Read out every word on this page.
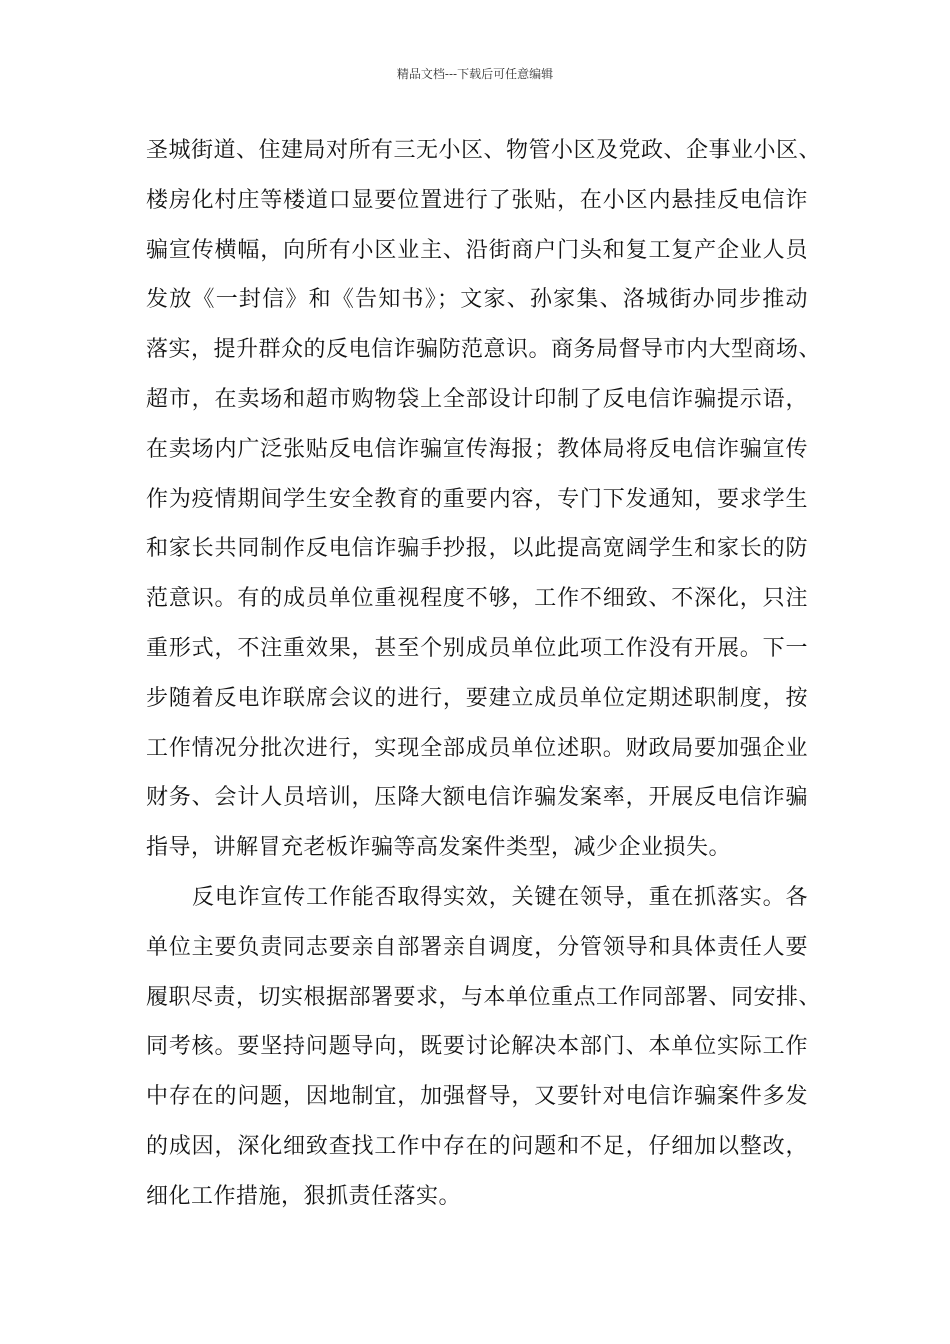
精品文档---下载后可任意编辑
圣城街道、住建局对所有三无小区、物管小区及党政、企事业小区、
楼房化村庄等楼道口显要位置进行了张贴，在小区内悬挂反电信诈
骗宣传横幅，向所有小区业主、沿街商户门头和复工复产企业人员
发放《一封信》和《告知书》；文家、孙家集、洛城街办同步推动
落实，提升群众的反电信诈骗防范意识。商务局督导市内大型商场、
超市，在卖场和超市购物袋上全部设计印制了反电信诈骗提示语，
在卖场内广泛张贴反电信诈骗宣传海报；教体局将反电信诈骗宣传
作为疫情期间学生安全教育的重要内容，专门下发通知，要求学生
和家长共同制作反电信诈骗手抄报，以此提高宽阔学生和家长的防
范意识。有的成员单位重视程度不够，工作不细致、不深化，只注
重形式，不注重效果，甚至个别成员单位此项工作没有开展。下一
步随着反电诈联席会议的进行，要建立成员单位定期述职制度，按
工作情况分批次进行，实现全部成员单位述职。财政局要加强企业
财务、会计人员培训，压降大额电信诈骗发案率，开展反电信诈骗
指导，讲解冒充老板诈骗等高发案件类型，减少企业损失。
反电诈宣传工作能否取得实效，关键在领导，重在抓落实。各
单位主要负责同志要亲自部署亲自调度，分管领导和具体责任人要
履职尽责，切实根据部署要求，与本单位重点工作同部署、同安排、
同考核。要坚持问题导向，既要讨论解决本部门、本单位实际工作
中存在的问题，因地制宜，加强督导，又要针对电信诈骗案件多发
的成因，深化细致查找工作中存在的问题和不足，仔细加以整改，
细化工作措施，狠抓责任落实。
